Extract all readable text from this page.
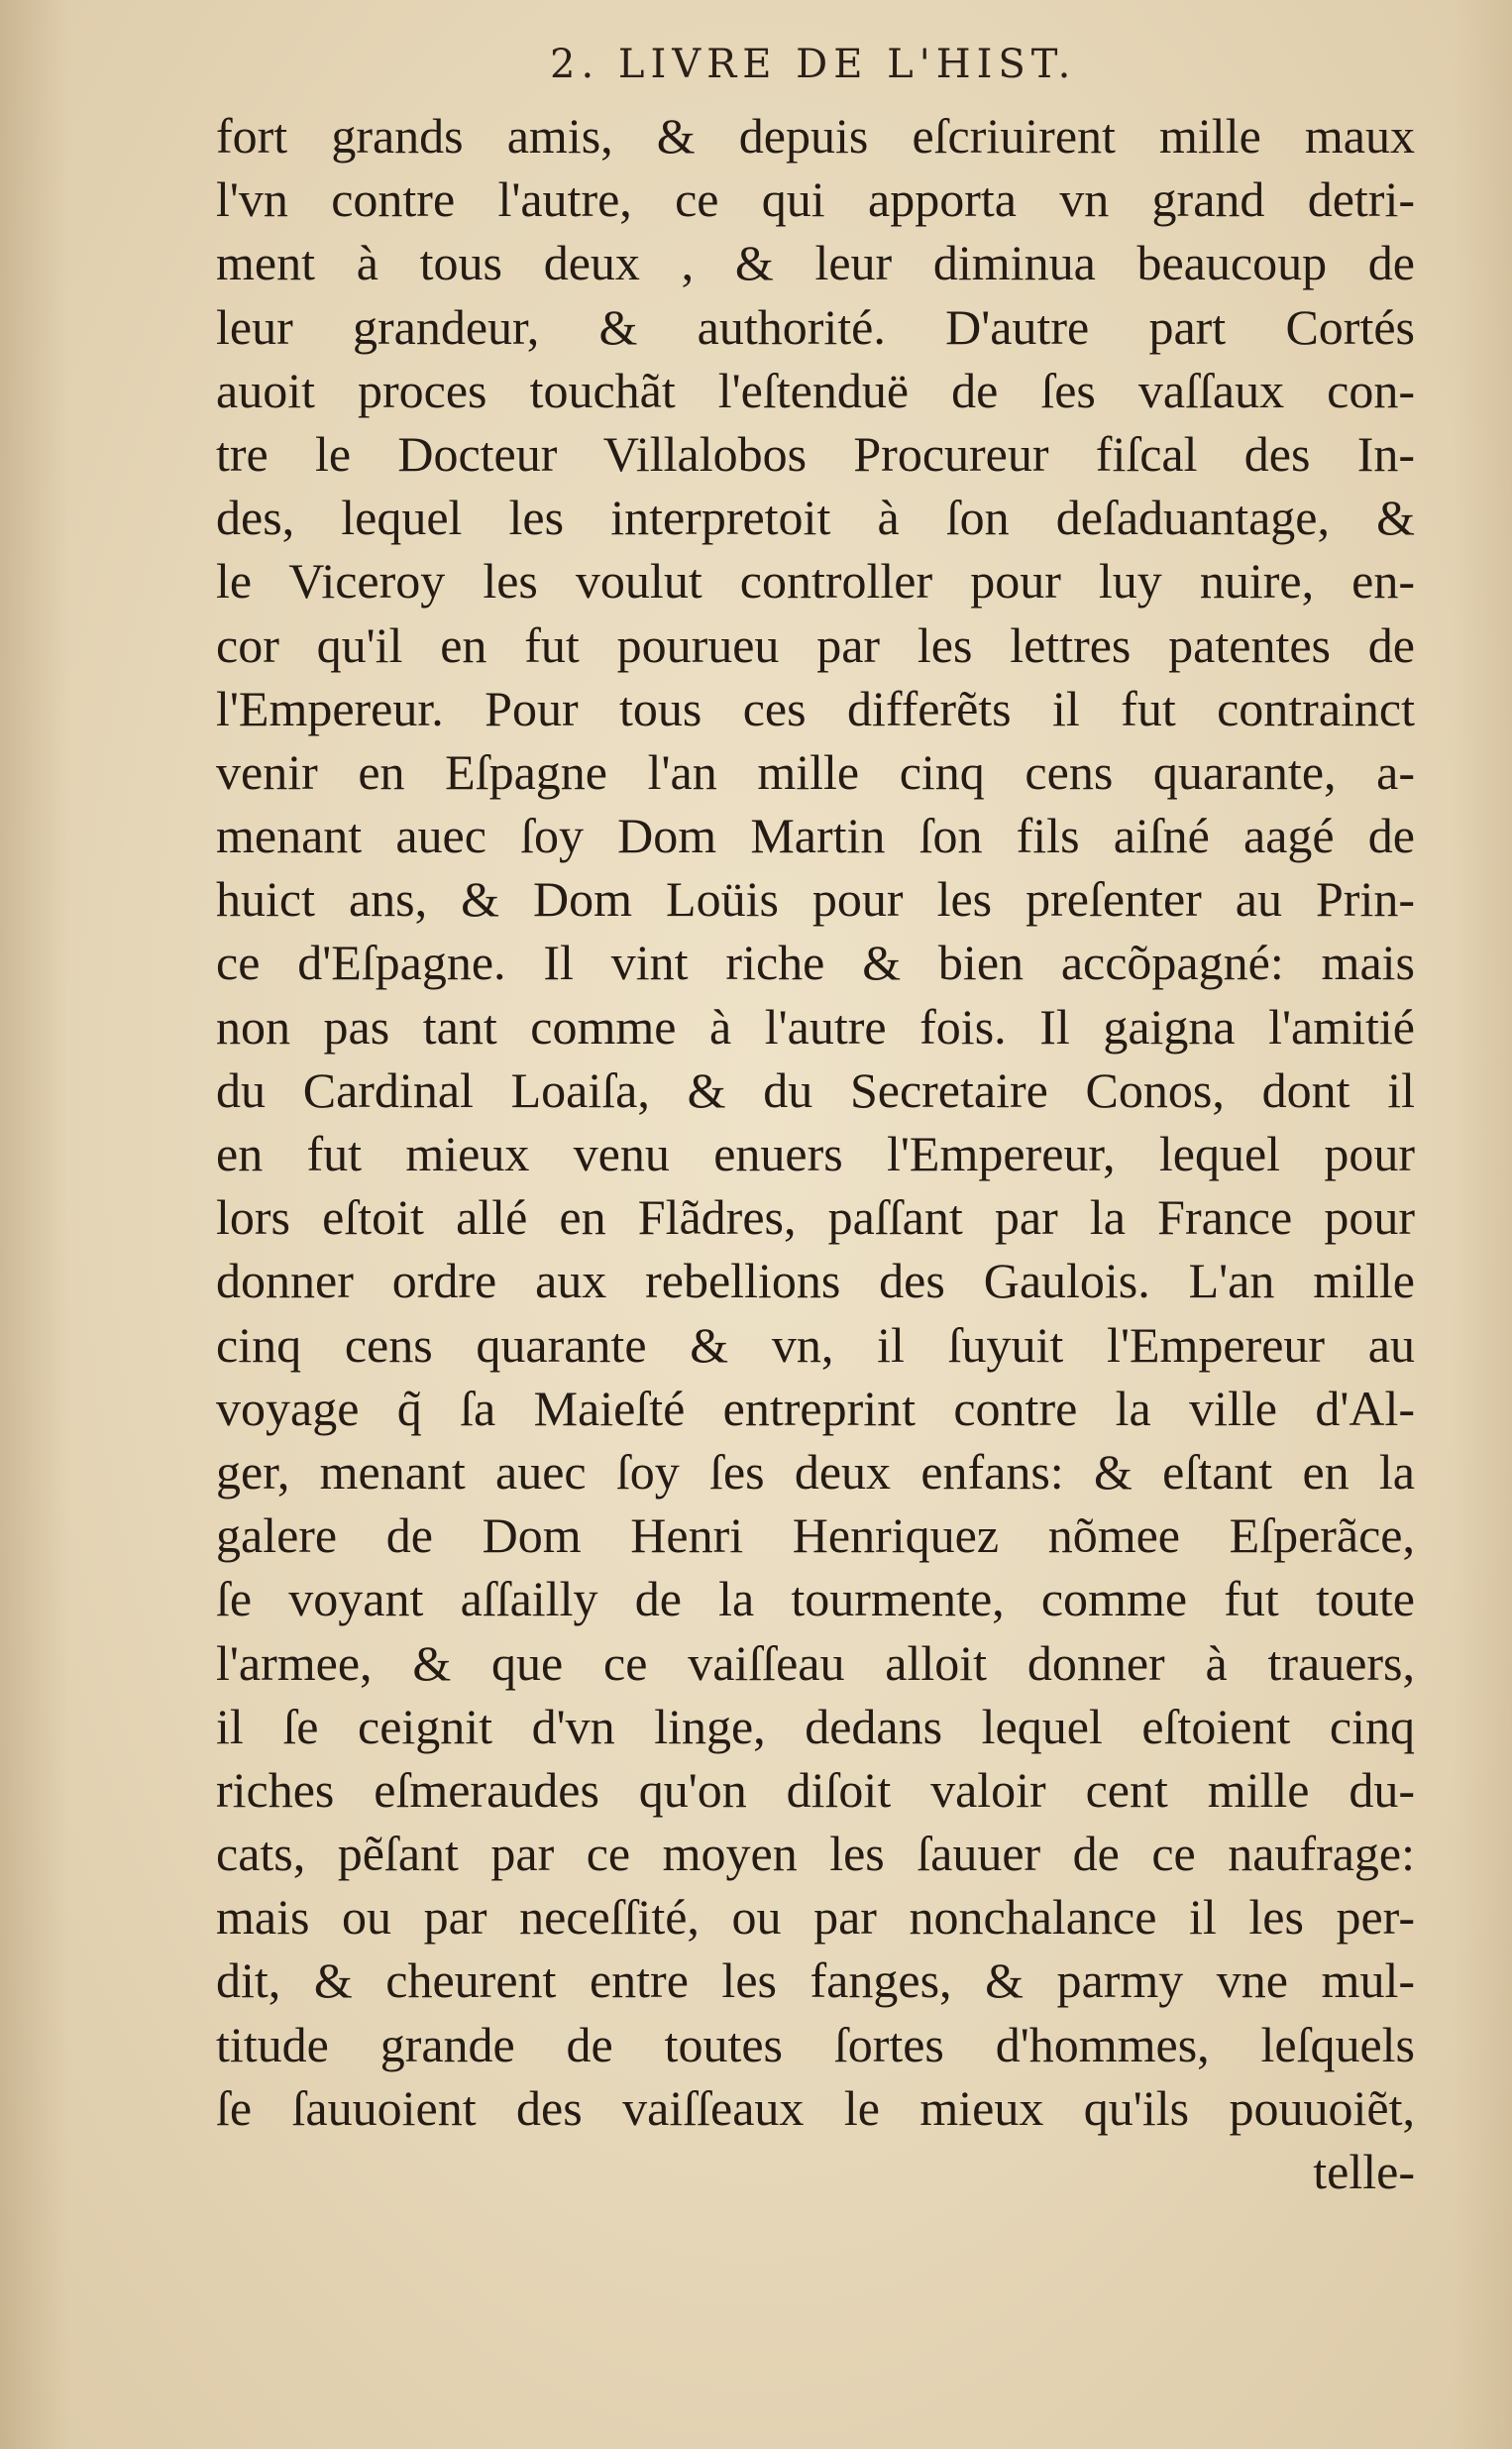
2. LIVRE DE L'HIST.
fort grands amis, & depuis eſcriuirent mille maux
l'vn contre l'autre, ce qui apporta vn grand detri-
ment à tous deux , & leur diminua beaucoup de
leur grandeur, & authorité. D'autre part Cortés
auoit proces touchãt l'eſtenduë de ſes vaſſaux con-
tre le Docteur Villalobos Procureur fiſcal des In-
des, lequel les interpretoit à ſon deſaduantage, &
le Viceroy les voulut controller pour luy nuire, en-
cor qu'il en fut pourueu par les lettres patentes de
l'Empereur. Pour tous ces differẽts il fut contrainct
venir en Eſpagne l'an mille cinq cens quarante, a-
menant auec ſoy Dom Martin ſon fils aiſné aagé de
huict ans, & Dom Loüis pour les preſenter au Prin-
ce d'Eſpagne. Il vint riche & bien accõpagné: mais
non pas tant comme à l'autre fois. Il gaigna l'amitié
du Cardinal Loaiſa, & du Secretaire Conos, dont il
en fut mieux venu enuers l'Empereur, lequel pour
lors eſtoit allé en Flãdres, paſſant par la France pour
donner ordre aux rebellions des Gaulois. L'an mille
cinq cens quarante & vn, il ſuyuit l'Empereur au
voyage q̃ ſa Maieſté entreprint contre la ville d'Al-
ger, menant auec ſoy ſes deux enfans: & eſtant en la
galere de Dom Henri Henriquez nõmee Eſperãce,
ſe voyant aſſailly de la tourmente, comme fut toute
l'armee, & que ce vaiſſeau alloit donner à trauers,
il ſe ceignit d'vn linge, dedans lequel eſtoient cinq
riches eſmeraudes qu'on diſoit valoir cent mille du-
cats, pẽſant par ce moyen les ſauuer de ce naufrage:
mais ou par neceſſité, ou par nonchalance il les per-
dit, & cheurent entre les fanges, & parmy vne mul-
titude grande de toutes ſortes d'hommes, leſquels
ſe ſauuoient des vaiſſeaux le mieux qu'ils pouuoiẽt,
telle-
